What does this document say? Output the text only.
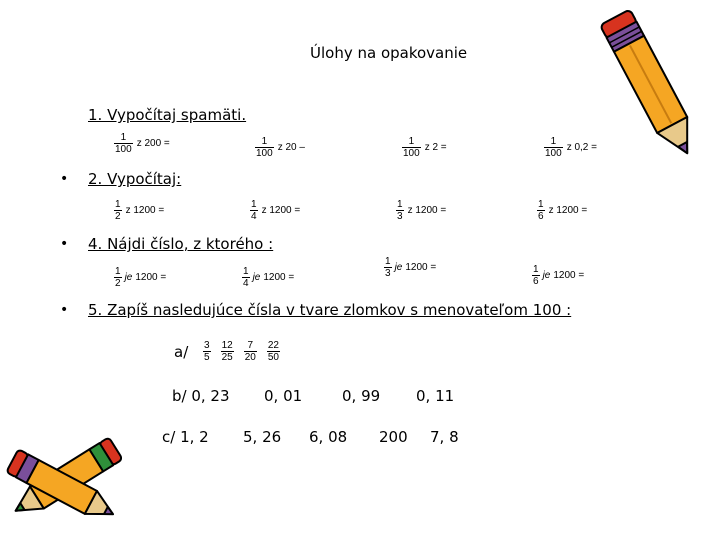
Úlohy na opakovanie
1. Vypočítaj spamäti.
$\frac{1}{100}$ z 200 =	$\frac{1}{100}$ z 20 –	$\frac{1}{100}$ z 2 =	$\frac{1}{100}$ z 0,2 =
• 2. Vypočítaj:
$\frac{1}{2}$ z 1200 =	$\frac{1}{4}$ z 1200 =	$\frac{1}{3}$ z 1200 =	$\frac{1}{6}$ z 1200 =
• 4. Nájdi číslo, z ktorého :
$\frac{1}{2}$ je 1200 =	$\frac{1}{4}$ je 1200 =	$\frac{1}{3}$ je 1200 =	$\frac{1}{6}$ je 1200 =
• 5. Zapíš nasledujúce čísla v tvare zlomkov s menovateľom 100 :
$a/ \frac{3}{5} \frac{12}{25} \frac{7}{20} \frac{22}{50}$
b/ 0, 23 0, 01	0, 99 0, 11
c/ 1, 2 5, 26 6, 08 200 7, 8
